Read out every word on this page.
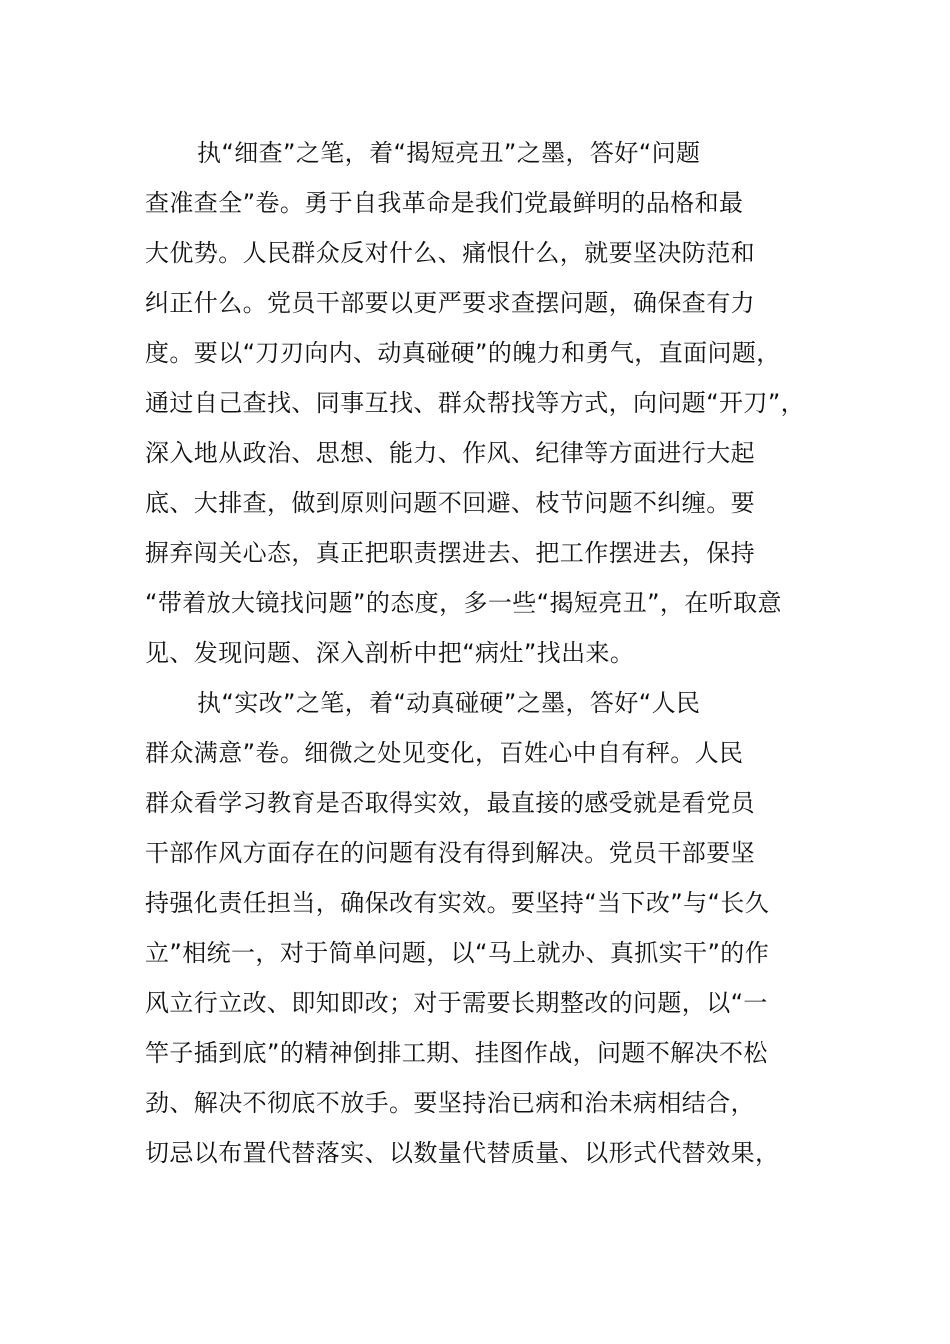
执“细查”之笔，着“揭短亮丑”之墨，答好“问题
查准查全”卷。勇于自我革命是我们党最鲜明的品格和最
大优势。人民群众反对什么、痛恨什么，就要坚决防范和
纠正什么。党员干部要以更严要求查摆问题，确保查有力
度。要以“刀刃向内、动真碰硬”的魄力和勇气，直面问题，
通过自己查找、同事互找、群众帮找等方式，向问题“开刀”，
深入地从政治、思想、能力、作风、纪律等方面进行大起
底、大排查，做到原则问题不回避、枝节问题不纠缠。要
摒弃闯关心态，真正把职责摆进去、把工作摆进去，保持
“带着放大镜找问题”的态度，多一些“揭短亮丑”，在听取意
见、发现问题、深入剖析中把“病灶”找出来。
执“实改”之笔，着“动真碰硬”之墨，答好“人民
群众满意”卷。细微之处见变化，百姓心中自有秤。人民
群众看学习教育是否取得实效，最直接的感受就是看党员
干部作风方面存在的问题有没有得到解决。党员干部要坚
持强化责任担当，确保改有实效。要坚持“当下改”与“长久
立”相统一，对于简单问题，以“马上就办、真抓实干”的作
风立行立改、即知即改；对于需要长期整改的问题，以“一
竿子插到底”的精神倒排工期、挂图作战，问题不解决不松
劲、解决不彻底不放手。要坚持治已病和治未病相结合，
切忌以布置代替落实、以数量代替质量、以形式代替效果，
